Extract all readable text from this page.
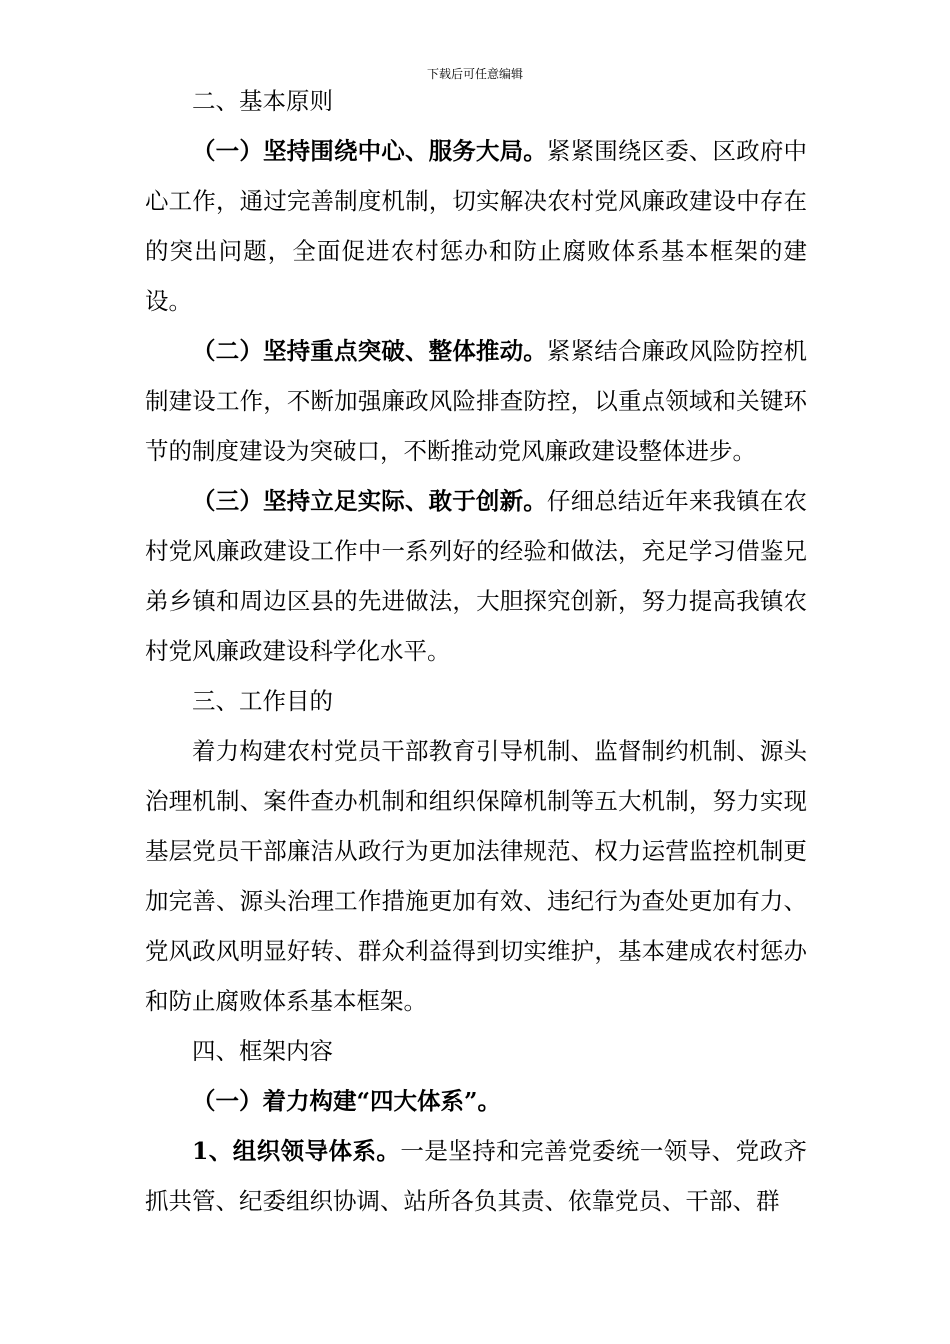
下载后可任意编辑

二、基本原则

（一）坚持围绕中心、服务大局。紧紧围绕区委、区政府中心工作，通过完善制度机制，切实解决农村党风廉政建设中存在的突出问题，全面促进农村惩办和防止腐败体系基本框架的建设。

（二）坚持重点突破、整体推动。紧紧结合廉政风险防控机制建设工作，不断加强廉政风险排查防控，以重点领域和关键环节的制度建设为突破口，不断推动党风廉政建设整体进步。

（三）坚持立足实际、敢于创新。仔细总结近年来我镇在农村党风廉政建设工作中一系列好的经验和做法，充足学习借鉴兄弟乡镇和周边区县的先进做法，大胆探究创新，努力提高我镇农村党风廉政建设科学化水平。

三、工作目的

着力构建农村党员干部教育引导机制、监督制约机制、源头治理机制、案件查办机制和组织保障机制等五大机制，努力实现基层党员干部廉洁从政行为更加法律规范、权力运营监控机制更加完善、源头治理工作措施更加有效、违纪行为查处更加有力、党风政风明显好转、群众利益得到切实维护，基本建成农村惩办和防止腐败体系基本框架。

四、框架内容

（一）着力构建“四大体系”。

1、组织领导体系。一是坚持和完善党委统一领导、党政齐抓共管、纪委组织协调、站所各负其责、依靠党员、干部、群
